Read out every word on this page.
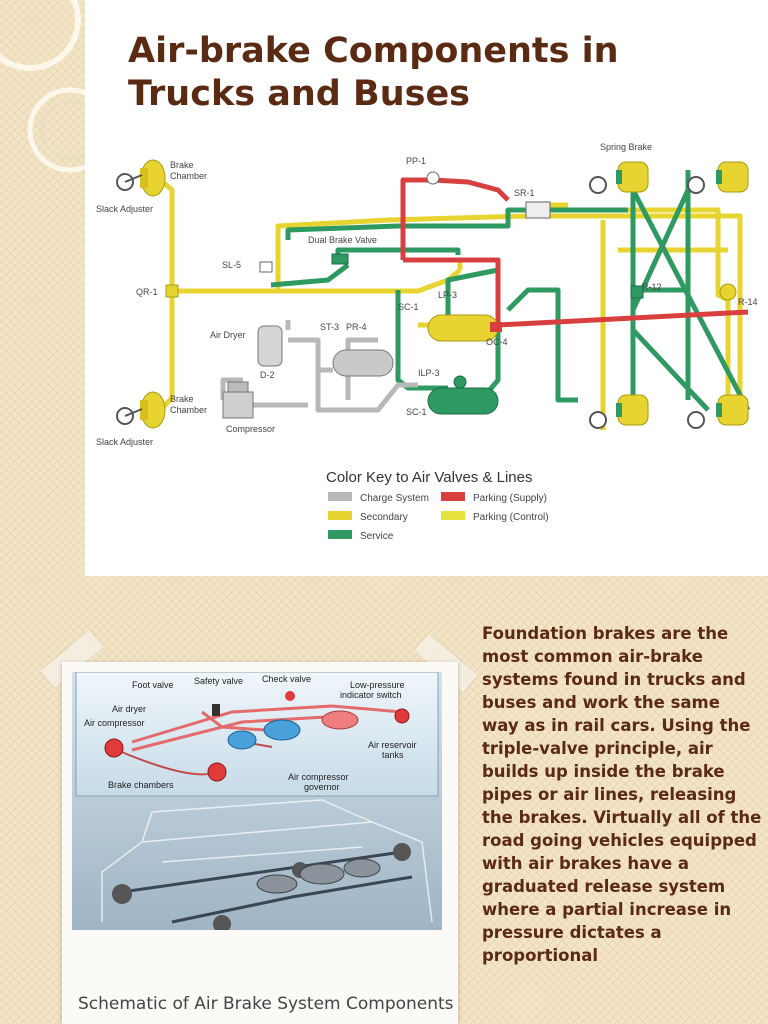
Air-brake Components in
Trucks and Buses
Brake
Chamber
Slack Adjuster
QR-1
Brake
Chamber
Slack Adjuster
PP-1
Spring Brake
SR-1
Dual Brake Valve
SL-5
SC-1
LP-3
OC-4
R-12
R-14
Air Dryer
ST-3 PR-4
D-2	ILP-3
SC-1
Compressor
Color Key to Air Valves & Lines
Charge System	Parking (Supply)
Secondary	Parking (Control)
Service
Foot valve Safety valve Check valve
Low-pressure
indicator switch
Air dryer
Air compressor
Air reservoir
tanks
Brake chambers
Air compressor
governor
Schematic of Air Brake System Components

Foundation brakes are the most common air-brake systems found in trucks and buses and work the same way as in rail cars. Using the triple-valve principle, air builds up inside the brake pipes or air lines, releasing the brakes. Virtually all of the road going vehicles equipped with air brakes have a graduated release system where a partial increase in pressure dictates a proportional
